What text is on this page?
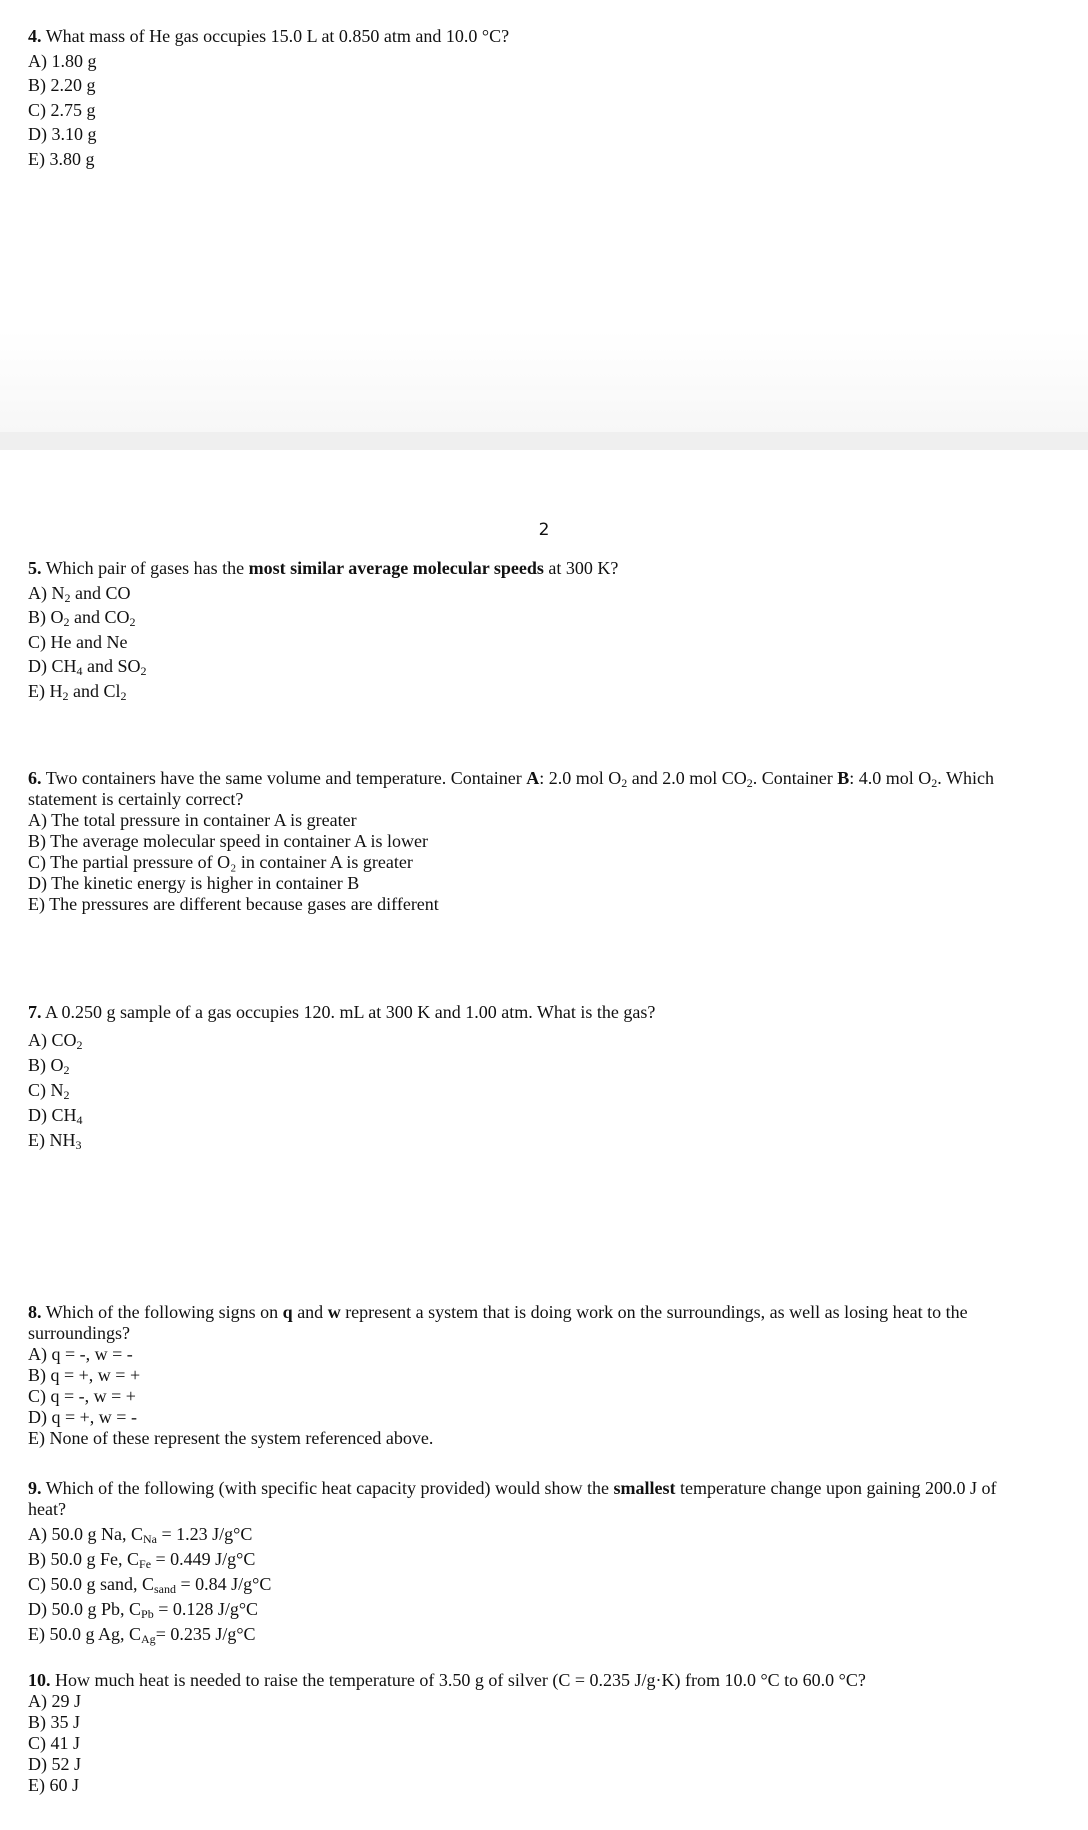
4. What mass of He gas occupies 15.0 L at 0.850 atm and 10.0 °C?
A) 1.80 g
B) 2.20 g
C) 2.75 g
D) 3.10 g
E) 3.80 g
2
5. Which pair of gases has the most similar average molecular speeds at 300 K?
A) $N_2$ and CO
B) $O_2$ and $CO_2$
C) He and Ne
D) $CH_4$ and $SO_2$
E) $H_2$ and $Cl_2$
6. Two containers have the same volume and temperature. Container A: 2.0 mol $O_2$ and 2.0 mol $CO_2$. Container B: 4.0 mol $O_2$. Which statement is certainly correct?
A) The total pressure in container A is greater
B) The average molecular speed in container A is lower
C) The partial pressure of O₂ in container A is greater
D) The kinetic energy is higher in container B
E) The pressures are different because gases are different
7. A 0.250 g sample of a gas occupies 120. mL at 300 K and 1.00 atm. What is the gas?
A) $CO_2$
B) $O_2$
C) $N_2$
D) $CH_4$
E) $NH_3$
8. Which of the following signs on q and w represent a system that is doing work on the surroundings, as well as losing heat to the surroundings?
A) q = -, w = -
B) q = +, w = +
C) q = -, w = +
D) q = +, w = -
E) None of these represent the system referenced above.
9. Which of the following (with specific heat capacity provided) would show the smallest temperature change upon gaining 200.0 J of heat?
A) 50.0 g Na, $C_{Na} = 1.23$ J/g°C
B) 50.0 g Fe, $C_{Fe} = 0.449$ J/g°C
C) 50.0 g sand, $C_{sand} = 0.84$ J/g°C
D) 50.0 g Pb, $C_{Pb} = 0.128$ J/g°C
E) 50.0 g Ag, $C_{Ag}= 0.235$ J/g°C
10. How much heat is needed to raise the temperature of 3.50 g of silver (C = 0.235 J/g·K) from 10.0 °C to 60.0 °C?
A) 29 J
B) 35 J
C) 41 J
D) 52 J
E) 60 J
